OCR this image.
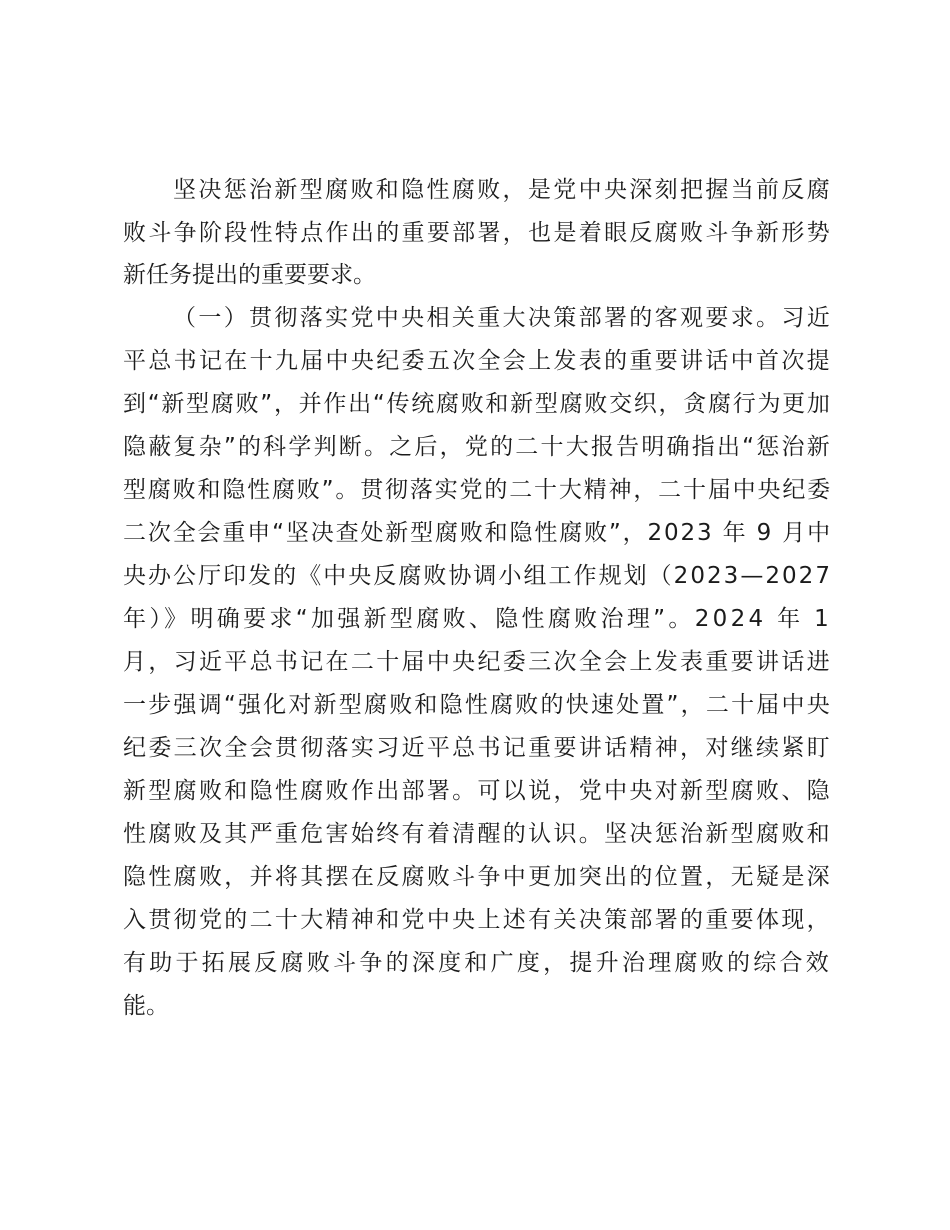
坚决惩治新型腐败和隐性腐败，是党中央深刻把握当前反腐

败斗争阶段性特点作出的重要部署，也是着眼反腐败斗争新形势

新任务提出的重要要求。

（一）贯彻落实党中央相关重大决策部署的客观要求。习近

平总书记在十九届中央纪委五次全会上发表的重要讲话中首次提

到“新型腐败”，并作出“传统腐败和新型腐败交织，贪腐行为更加

隐蔽复杂”的科学判断。之后，党的二十大报告明确指出“惩治新

型腐败和隐性腐败”。贯彻落实党的二十大精神，二十届中央纪委

二次全会重申“坚决查处新型腐败和隐性腐败”，2023 年 9 月中

央办公厅印发的《中央反腐败协调小组工作规划（2023—2027

年）》明确要求“加强新型腐败、隐性腐败治理”。2024 年 1

月，习近平总书记在二十届中央纪委三次全会上发表重要讲话进

一步强调“强化对新型腐败和隐性腐败的快速处置”，二十届中央

纪委三次全会贯彻落实习近平总书记重要讲话精神，对继续紧盯

新型腐败和隐性腐败作出部署。可以说，党中央对新型腐败、隐

性腐败及其严重危害始终有着清醒的认识。坚决惩治新型腐败和

隐性腐败，并将其摆在反腐败斗争中更加突出的位置，无疑是深

入贯彻党的二十大精神和党中央上述有关决策部署的重要体现，

有助于拓展反腐败斗争的深度和广度，提升治理腐败的综合效

能。
